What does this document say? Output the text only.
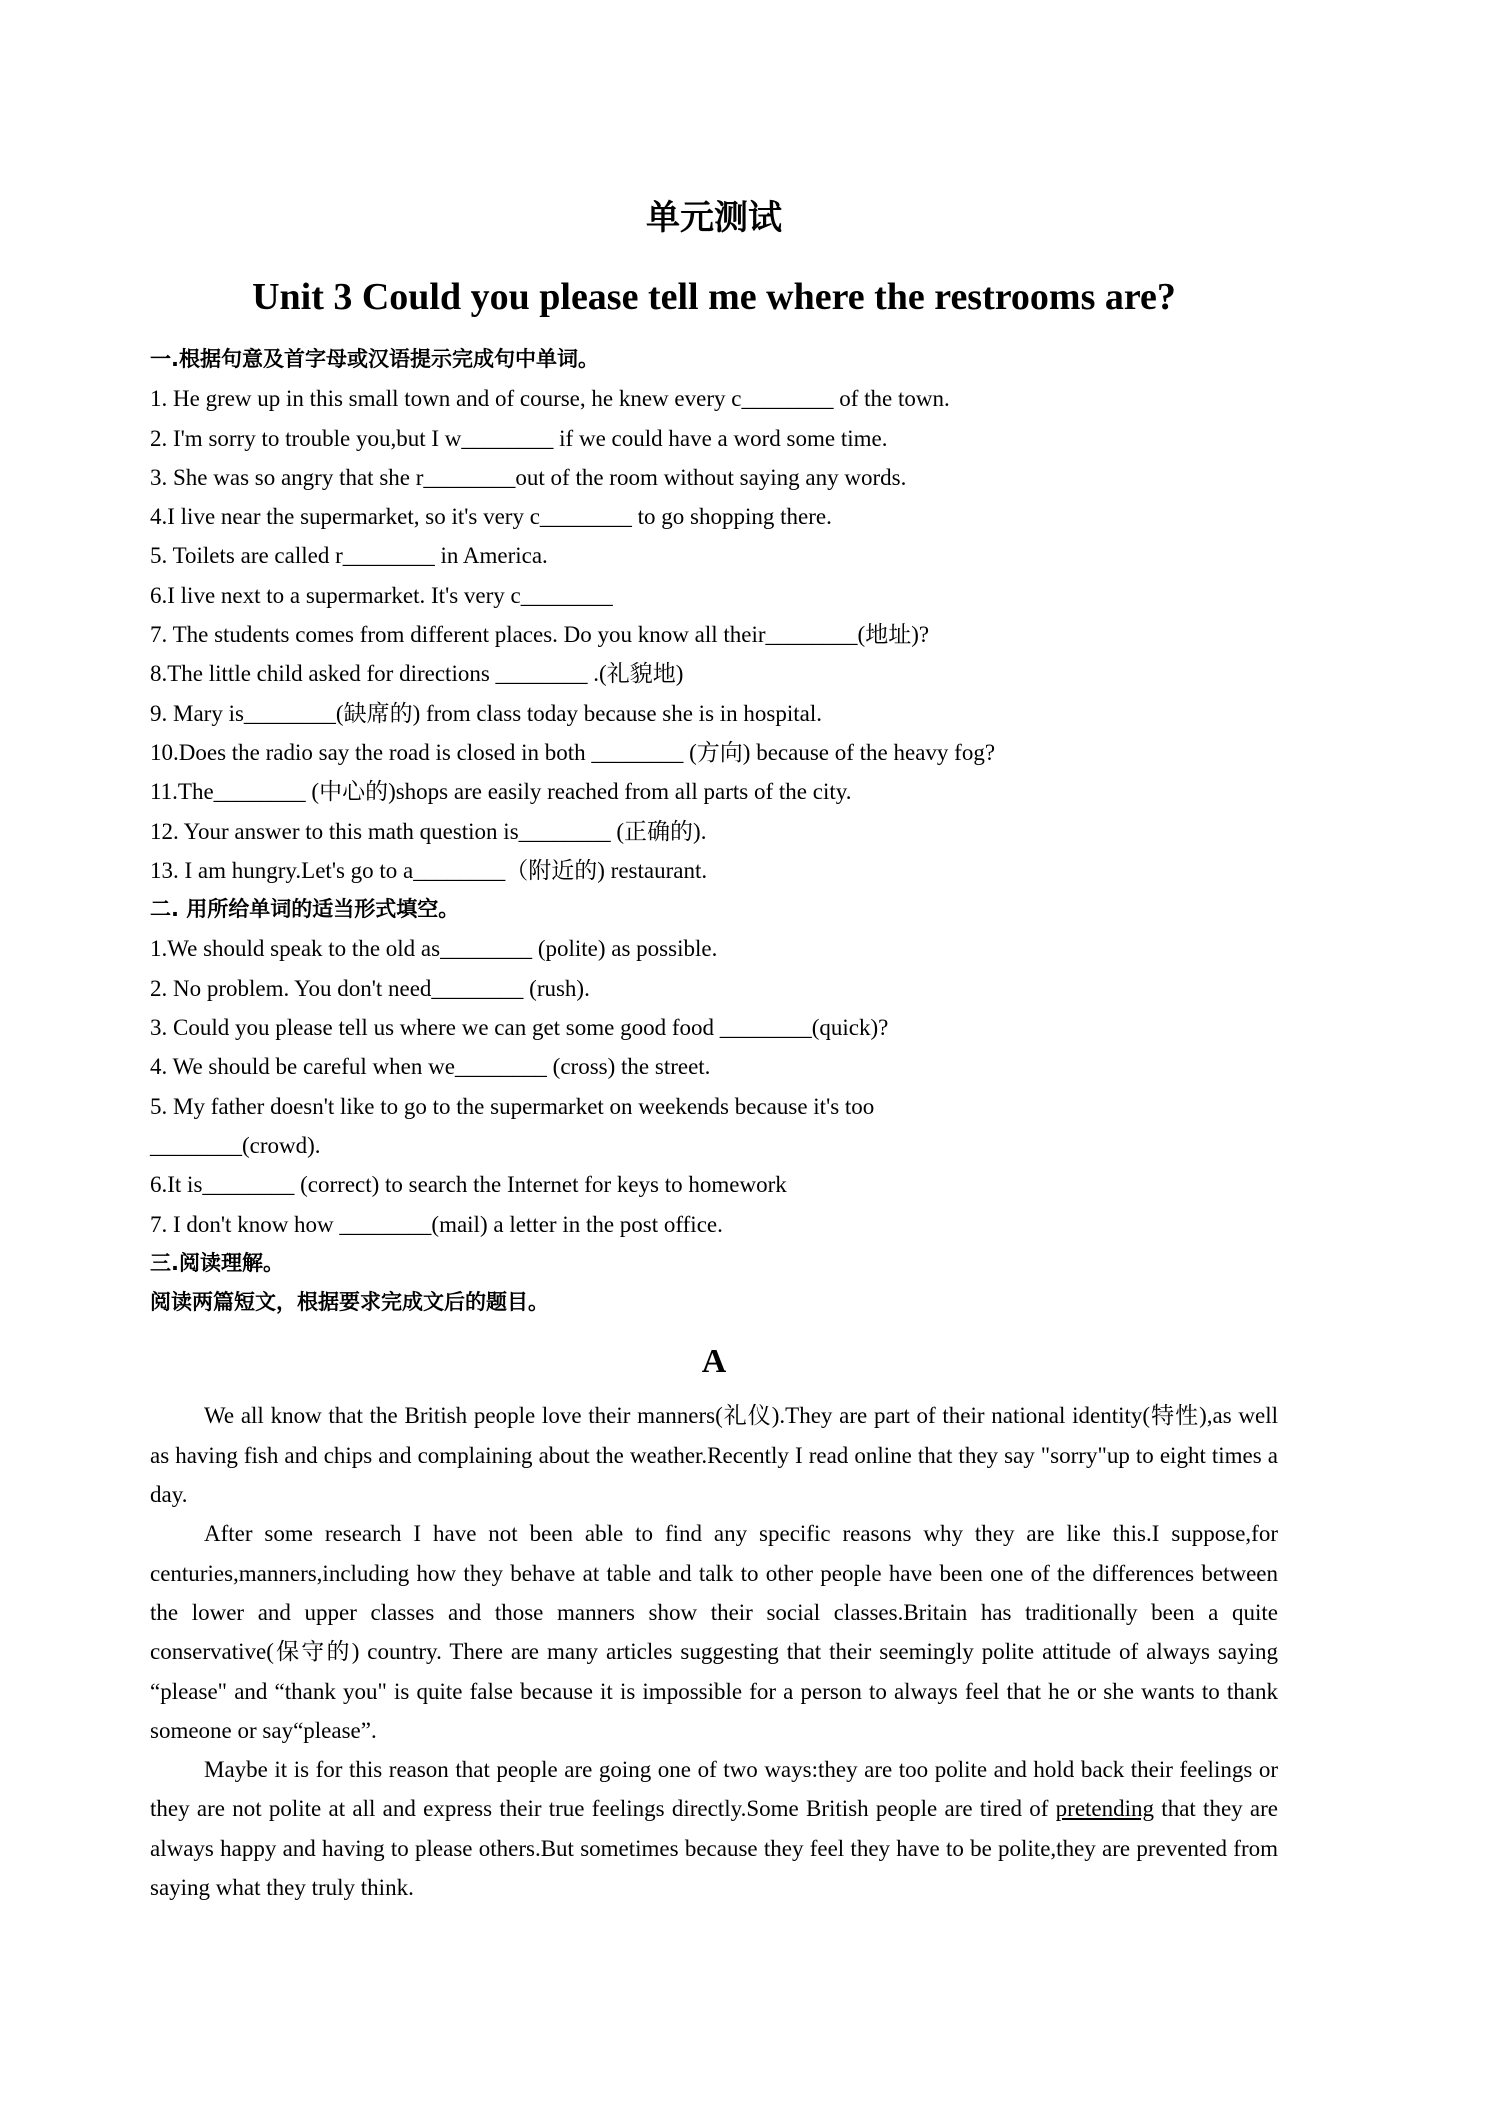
单元测试
Unit 3 Could you please tell me where the restrooms are?
一.根据句意及首字母或汉语提示完成句中单词。
1. He grew up in this small town and of course, he knew every c________ of the town.
2. I'm sorry to trouble you,but I w________ if we could have a word some time.
3. She was so angry that she r________out of the room without saying any words.
4.I live near the supermarket, so it's very c________ to go shopping there.
5. Toilets are called r________ in America.
6.I live next to a supermarket. It's very c________
7. The students comes from different places. Do you know all their________(地址)?
8.The little child asked for directions ________ .(礼貌地)
9. Mary is________(缺席的) from class today because she is in hospital.
10.Does the radio say the road is closed in both ________ (方向) because of the heavy fog?
11.The________ (中心的)shops are easily reached from all parts of the city.
12. Your answer to this math question is________ (正确的).
13. I am hungry.Let's go to a________（附近的) restaurant.
二. 用所给单词的适当形式填空。
1.We should speak to the old as________ (polite) as possible.
2. No problem. You don't need________ (rush).
3. Could you please tell us where we can get some good food ________(quick)?
4. We should be careful when we________ (cross) the street.
5. My father doesn't like to go to the supermarket on weekends because it's too
________(crowd).
6.It is________ (correct) to search the Internet for keys to homework
7. I don't know how ________(mail) a letter in the post office.
三.阅读理解。
阅读两篇短文，根据要求完成文后的题目。
A

We all know that the British people love their manners(礼仪).They are part of their national identity(特性),as well as having fish and chips and complaining about the weather.Recently I read online that they say "sorry"up to eight times a day.

After some research I have not been able to find any specific reasons why they are like this.I suppose,for centuries,manners,including how they behave at table and talk to other people have been one of the differences between the lower and upper classes and those manners show their social classes.Britain has traditionally been a quite conservative(保守的) country. There are many articles suggesting that their seemingly polite attitude of always saying “please" and “thank you" is quite false because it is impossible for a person to always feel that he or she wants to thank someone or say“please”.

Maybe it is for this reason that people are going one of two ways:they are too polite and hold back their feelings or they are not polite at all and express their true feelings directly.Some British people are tired of pretending that they are always happy and having to please others.But sometimes because they feel they have to be polite,they are prevented from saying what they truly think.
